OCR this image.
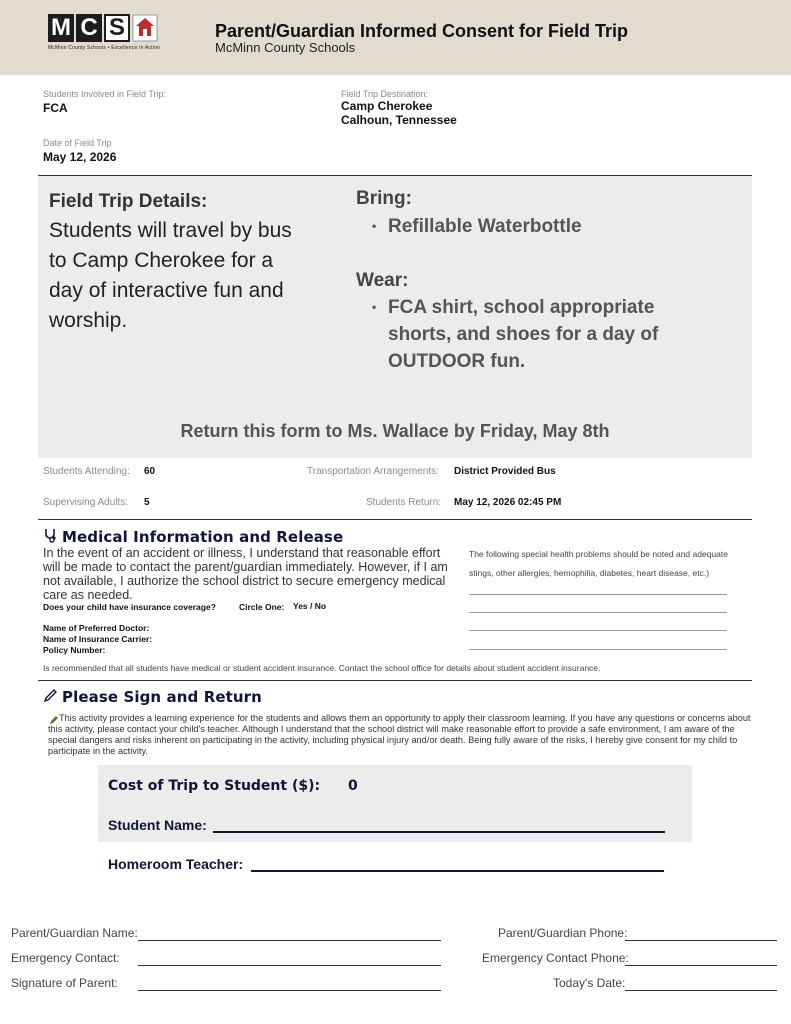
M C S
McMinn County Schools • Excellence In Action
Parent/Guardian Informed Consent for Field Trip
McMinn County Schools
Students Involved in Field Trip:
FCA
Field Trip Destination:
Camp Cherokee
Calhoun, Tennessee
Date of Field Trip
May 12, 2026
Field Trip Details:
Students will travel by bus to Camp Cherokee for a day of interactive fun and worship.
Bring:
• Refillable Waterbottle
Wear:
• FCA shirt, school appropriate shorts, and shoes for a day of OUTDOOR fun.
Return this form to Ms. Wallace by Friday, May 8th
Students Attending: 60	Transportation Arrangements: District Provided Bus
Supervising Adults: 5	Students Return: May 12, 2026 02:45 PM
Medical Information and Release
In the event of an accident or illness, I understand that reasonable effort will be made to contact the parent/guardian immediately. However, if I am not available, I authorize the school district to secure emergency medical care as needed.
Does your child have insurance coverage?	Circle One: Yes / No
Name of Preferred Doctor:
Name of Insurance Carrier:
Policy Number:
The following special health problems should be noted and adequate
stings, other allergies, hemophilia, diabetes, heart disease, etc.)
Is recommended that all students have medical or student accident insurance. Contact the school office for details about student accident insurance.
Please Sign and Return
This activity provides a learning experience for the students and allows them an opportunity to apply their classroom learning. If you have any questions or concerns about this activity, please contact your child's teacher. Although I understand that the school district will make reasonable effort to provide a safe environment, I am aware of the special dangers and risks inherent on participating in the activity, including physical injury and/or death. Being fully aware of the risks, I hereby give consent for my child to participate in the activity.
Cost of Trip to Student ($): 0
Student Name:
Homeroom Teacher:
Parent/Guardian Name:	Parent/Guardian Phone:
Emergency Contact:	Emergency Contact Phone:
Signature of Parent:	Today's Date:
